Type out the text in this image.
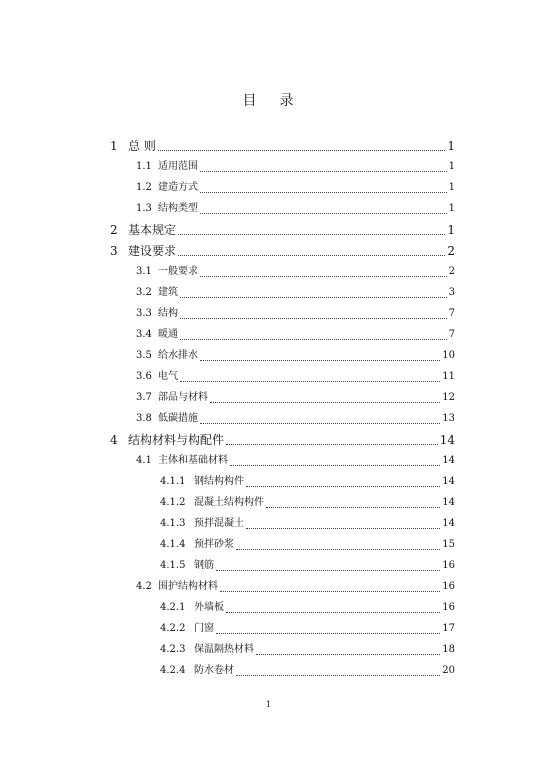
目 录
1 总 则	1
1.1 适用范围	1
1.2 建造方式	1
1.3 结构类型	1
2 基本规定	1
3 建设要求	2
3.1 一般要求	2
3.2 建筑	3
3.3 结构	7
3.4 暖通	7
3.5 给水排水	10
3.6 电气	11
3.7 部品与材料	12
3.8 低碳措施	13
4 结构材料与构配件	14
4.1 主体和基础材料	14
4.1.1 钢结构构件	14
4.1.2 混凝土结构构件	14
4.1.3 预拌混凝土	14
4.1.4 预拌砂浆	15
4.1.5 钢筋	16
4.2 围护结构材料	16
4.2.1 外墙板	16
4.2.2 门窗	17
4.2.3 保温隔热材料	18
4.2.4 防水卷材	20
1
